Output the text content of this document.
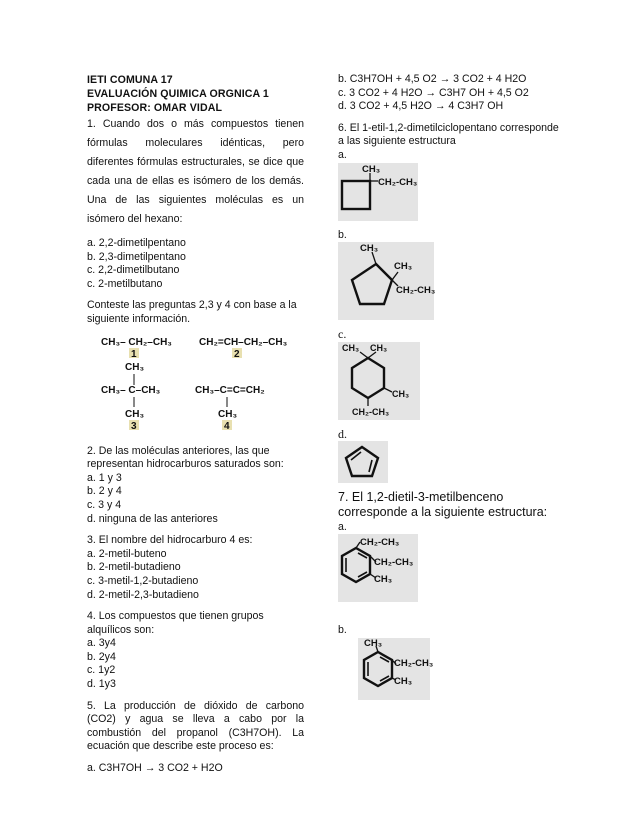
IETI COMUNA 17
EVALUACIÓN QUIMICA ORGNICA 1
PROFESOR: OMAR VIDAL
1. Cuando dos o más compuestos tienen fórmulas moleculares idénticas, pero diferentes fórmulas estructurales, se dice que cada una de ellas es isómero de los demás. Una de las siguientes moléculas es un isómero del hexano:
a. 2,2-dimetilpentano
b. 2,3-dimetilpentano
c. 2,2-dimetilbutano
c. 2-metilbutano
Conteste las preguntas 2,3 y 4 con base a la siguiente información.
CH₃– CH₂–CH₃
1
CH₂=CH–CH₂–CH₃
2
CH₃
CH₃– C–CH₃
CH₃
3
CH₃–C=C=CH₂
CH₃
4
2. De las moléculas anteriores, las que representan hidrocarburos saturados son:
a. 1 y 3
b. 2 y 4
c. 3 y 4
d. ninguna de las anteriores
3. El nombre del hidrocarburo 4 es:
a. 2-metil-buteno
b. 2-metil-butadieno
c. 3-metil-1,2-butadieno
d. 2-metil-2,3-butadieno
4. Los compuestos que tienen grupos alquílicos son:
a. 3y4
b. 2y4
c. 1y2
d. 1y3
5. La producción de dióxido de carbono (CO2) y agua se lleva a cabo por la combustión del propanol (C3H7OH). La ecuación que describe este proceso es:
a. C3H7OH → 3 CO2 + H2O
b. C3H7OH + 4,5 O2 → 3 CO2 + 4 H2O
c. 3 CO2 + 4 H2O → C3H7 OH + 4,5 O2
d. 3 CO2 + 4,5 H2O → 4 C3H7 OH
6. El 1-etil-1,2-dimetilciclopentano corresponde a las siguiente estructura
a.
CH₃
CH₂-CH₃
b.
CH₃
CH₃
CH₂-CH₃
c.
CH₃ CH₃
CH₃
CH₂-CH₃
d.
7. El 1,2-dietil-3-metilbenceno corresponde a la siguiente estructura:
a.
CH₂-CH₃
CH₂-CH₃
CH₃
b.
CH₃
CH₂-CH₃
CH₃
